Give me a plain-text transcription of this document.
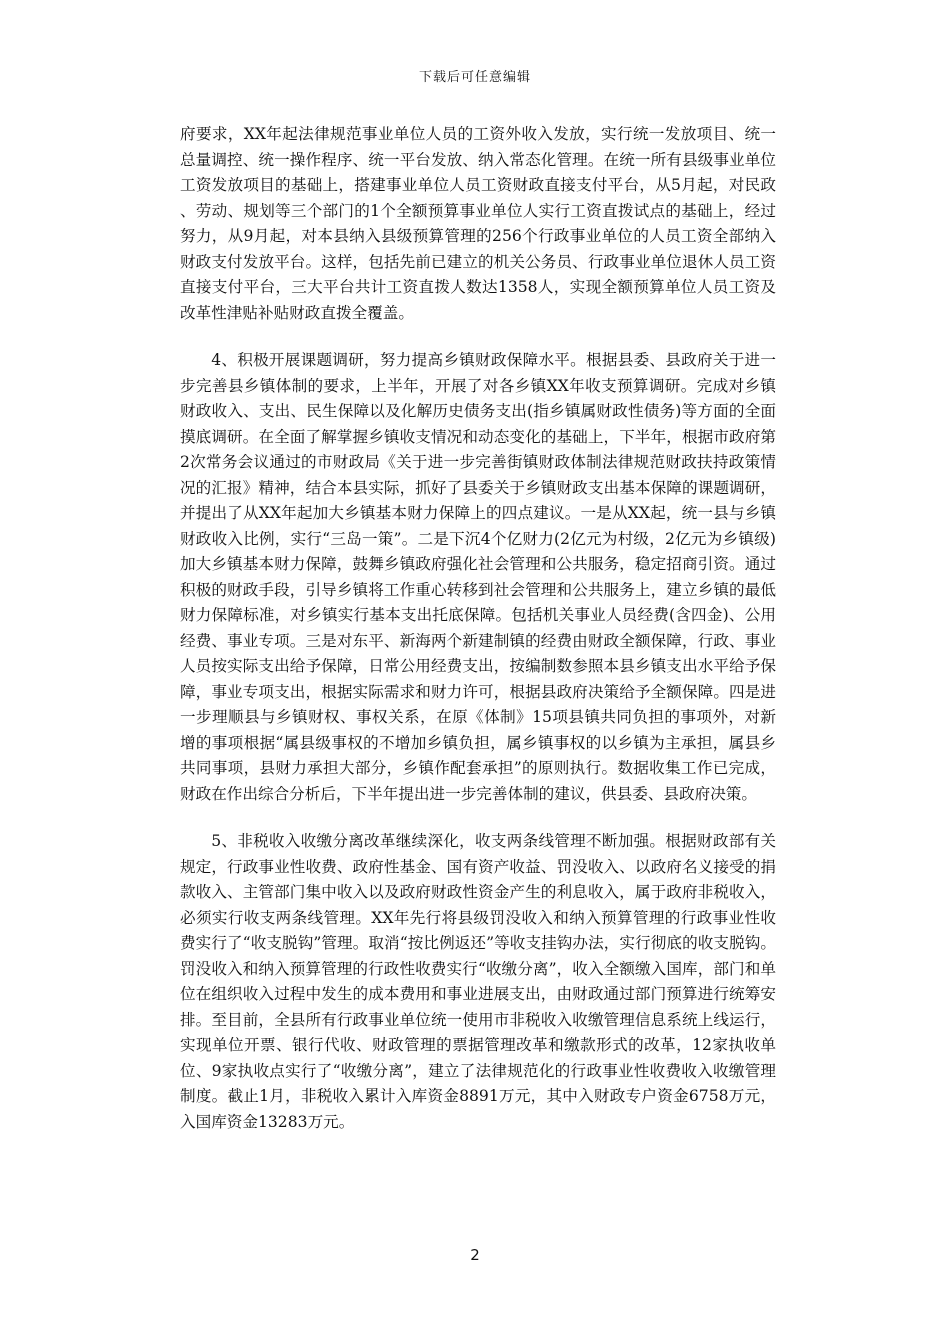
下载后可任意编辑

府要求，XX年起法律规范事业单位人员的工资外收入发放，实行统一发放项目、统一总量调控、统一操作程序、统一平台发放、纳入常态化管理。在统一所有县级事业单位工资发放项目的基础上，搭建事业单位人员工资财政直接支付平台，从5月起，对民政、劳动、规划等三个部门的1个全额预算事业单位人实行工资直拨试点的基础上，经过努力，从9月起，对本县纳入县级预算管理的256个行政事业单位的人员工资全部纳入财政支付发放平台。这样，包括先前已建立的机关公务员、行政事业单位退休人员工资直接支付平台，三大平台共计工资直拨人数达1358人，实现全额预算单位人员工资及改革性津贴补贴财政直拨全覆盖。

4、积极开展课题调研，努力提高乡镇财政保障水平。根据县委、县政府关于进一步完善县乡镇体制的要求，上半年，开展了对各乡镇XX年收支预算调研。完成对乡镇财政收入、支出、民生保障以及化解历史债务支出(指乡镇属财政性债务)等方面的全面摸底调研。在全面了解掌握乡镇收支情况和动态变化的基础上，下半年，根据市政府第2次常务会议通过的市财政局《关于进一步完善街镇财政体制法律规范财政扶持政策情况的汇报》精神，结合本县实际，抓好了县委关于乡镇财政支出基本保障的课题调研，并提出了从XX年起加大乡镇基本财力保障上的四点建议。一是从XX起，统一县与乡镇财政收入比例，实行“三岛一策”。二是下沉4个亿财力(2亿元为村级，2亿元为乡镇级)加大乡镇基本财力保障，鼓舞乡镇政府强化社会管理和公共服务，稳定招商引资。通过积极的财政手段，引导乡镇将工作重心转移到社会管理和公共服务上，建立乡镇的最低财力保障标准，对乡镇实行基本支出托底保障。包括机关事业人员经费(含四金)、公用经费、事业专项。三是对东平、新海两个新建制镇的经费由财政全额保障，行政、事业人员按实际支出给予保障，日常公用经费支出，按编制数参照本县乡镇支出水平给予保障，事业专项支出，根据实际需求和财力许可，根据县政府决策给予全额保障。四是进一步理顺县与乡镇财权、事权关系，在原《体制》15项县镇共同负担的事项外，对新增的事项根据“属县级事权的不增加乡镇负担，属乡镇事权的以乡镇为主承担，属县乡共同事项，县财力承担大部分，乡镇作配套承担”的原则执行。数据收集工作已完成，财政在作出综合分析后，下半年提出进一步完善体制的建议，供县委、县政府决策。

5、非税收入收缴分离改革继续深化，收支两条线管理不断加强。根据财政部有关规定，行政事业性收费、政府性基金、国有资产收益、罚没收入、以政府名义接受的捐款收入、主管部门集中收入以及政府财政性资金产生的利息收入，属于政府非税收入，必须实行收支两条线管理。XX年先行将县级罚没收入和纳入预算管理的行政事业性收费实行了“收支脱钩”管理。取消“按比例返还”等收支挂钩办法，实行彻底的收支脱钩。罚没收入和纳入预算管理的行政性收费实行“收缴分离”，收入全额缴入国库，部门和单位在组织收入过程中发生的成本费用和事业进展支出，由财政通过部门预算进行统筹安排。至目前，全县所有行政事业单位统一使用市非税收入收缴管理信息系统上线运行，实现单位开票、银行代收、财政管理的票据管理改革和缴款形式的改革，12家执收单位、9家执收点实行了“收缴分离”，建立了法律规范化的行政事业性收费收入收缴管理制度。截止1月，非税收入累计入库资金8891万元，其中入财政专户资金6758万元，入国库资金13283万元。

2
